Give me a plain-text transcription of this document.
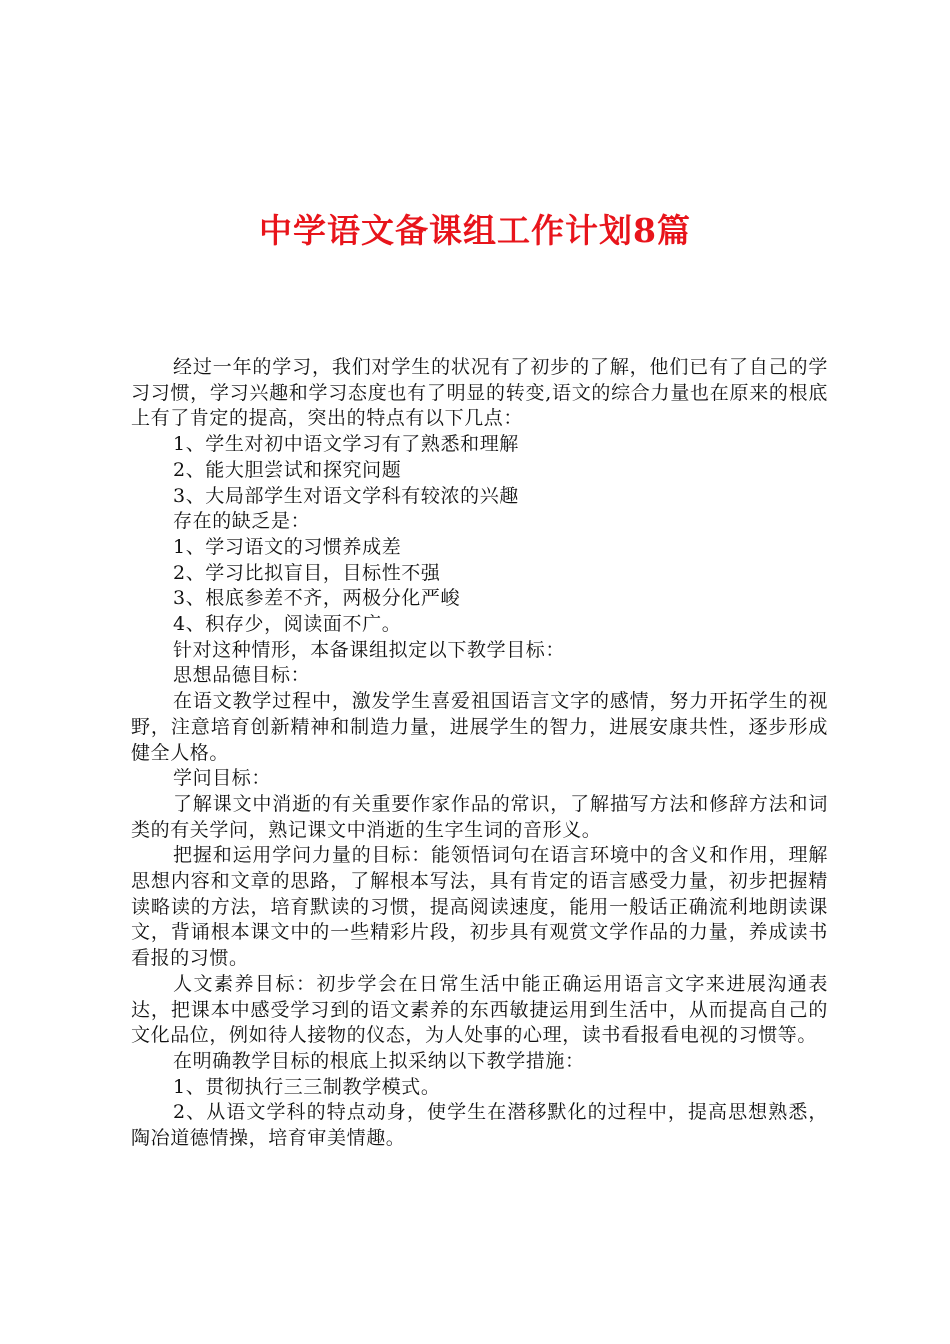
中学语文备课组工作计划8篇

经过一年的学习，我们对学生的状况有了初步的了解，他们已有了自己的学习习惯，学习兴趣和学习态度也有了明显的转变,语文的综合力量也在原来的根底上有了肯定的提高，突出的特点有以下几点：

1、学生对初中语文学习有了熟悉和理解

2、能大胆尝试和探究问题

3、大局部学生对语文学科有较浓的兴趣

存在的缺乏是：

1、学习语文的习惯养成差

2、学习比拟盲目，目标性不强

3、根底参差不齐，两极分化严峻

4、积存少，阅读面不广。

针对这种情形，本备课组拟定以下教学目标：

思想品德目标：

在语文教学过程中，激发学生喜爱祖国语言文字的感情，努力开拓学生的视野，注意培育创新精神和制造力量，进展学生的智力，进展安康共性，逐步形成健全人格。

学问目标：

了解课文中消逝的有关重要作家作品的常识，了解描写方法和修辞方法和词类的有关学问，熟记课文中消逝的生字生词的音形义。

把握和运用学问力量的目标：能领悟词句在语言环境中的含义和作用，理解思想内容和文章的思路，了解根本写法，具有肯定的语言感受力量，初步把握精读略读的方法，培育默读的习惯，提高阅读速度，能用一般话正确流利地朗读课文，背诵根本课文中的一些精彩片段，初步具有观赏文学作品的力量，养成读书看报的习惯。

人文素养目标：初步学会在日常生活中能正确运用语言文字来进展沟通表达，把课本中感受学习到的语文素养的东西敏捷运用到生活中，从而提高自己的文化品位，例如待人接物的仪态，为人处事的心理，读书看报看电视的习惯等。

在明确教学目标的根底上拟采纳以下教学措施：

1、贯彻执行三三制教学模式。

2、从语文学科的特点动身，使学生在潜移默化的过程中，提高思想熟悉，陶冶道德情操，培育审美情趣。
